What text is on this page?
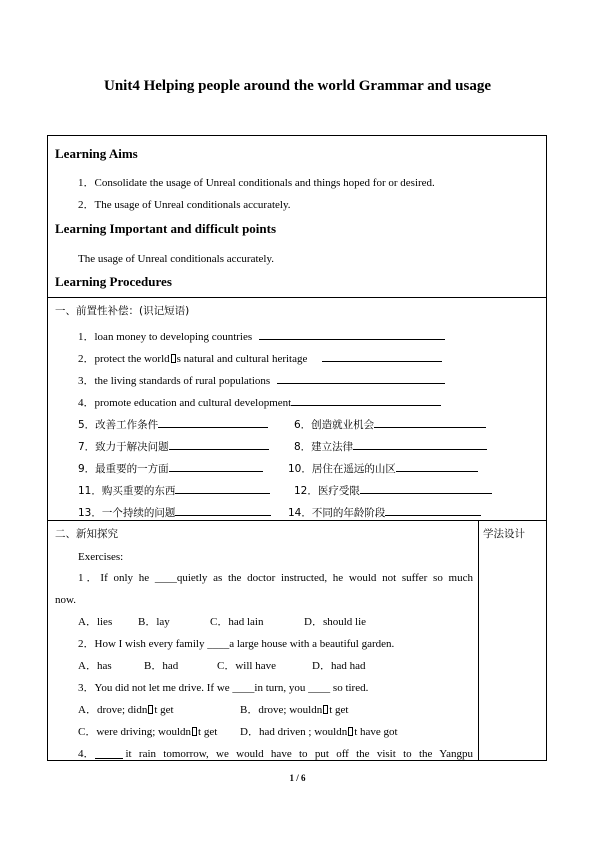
Unit4 Helping people around the world Grammar and usage
Learning Aims
1．Consolidate the usage of Unreal conditionals and things hoped for or desired.
2．The usage of Unreal conditionals accurately.
Learning Important and difficult points
The usage of Unreal conditionals accurately.
Learning Procedures
一、前置性补偿：(识记短语)
1．loan money to developing countries
2．protect the world s natural and cultural heritage
3．the living standards of rural populations
4．promote education and cultural development
5．改善工作条件	6．创造就业机会
7．致力于解决问题	8．建立法律
9．最重要的一方面	10．居住在遥远的山区
11．购买重要的东西	12．医疗受限
13．一个持续的问题	14．不同的年龄阶段
二、新知探究	学法设计
Exercises:
1．If only he ____quietly as the doctor instructed, he would not suffer so much
now.
A．lies B．lay	C．had lain	D．should lie
2．How I wish every family ____a large house with a beautiful garden.
A．has	B．had	C．will have	D．had had
3．You did not let me drive. If we ____in turn, you ____ so tired.
A．drove; didn t get	B．drove; wouldn t get
C．were driving; wouldn t get D．had driven ; wouldn t have got
4．	it rain tomorrow, we would have to put off the visit to the Yangpu
1 / 6
